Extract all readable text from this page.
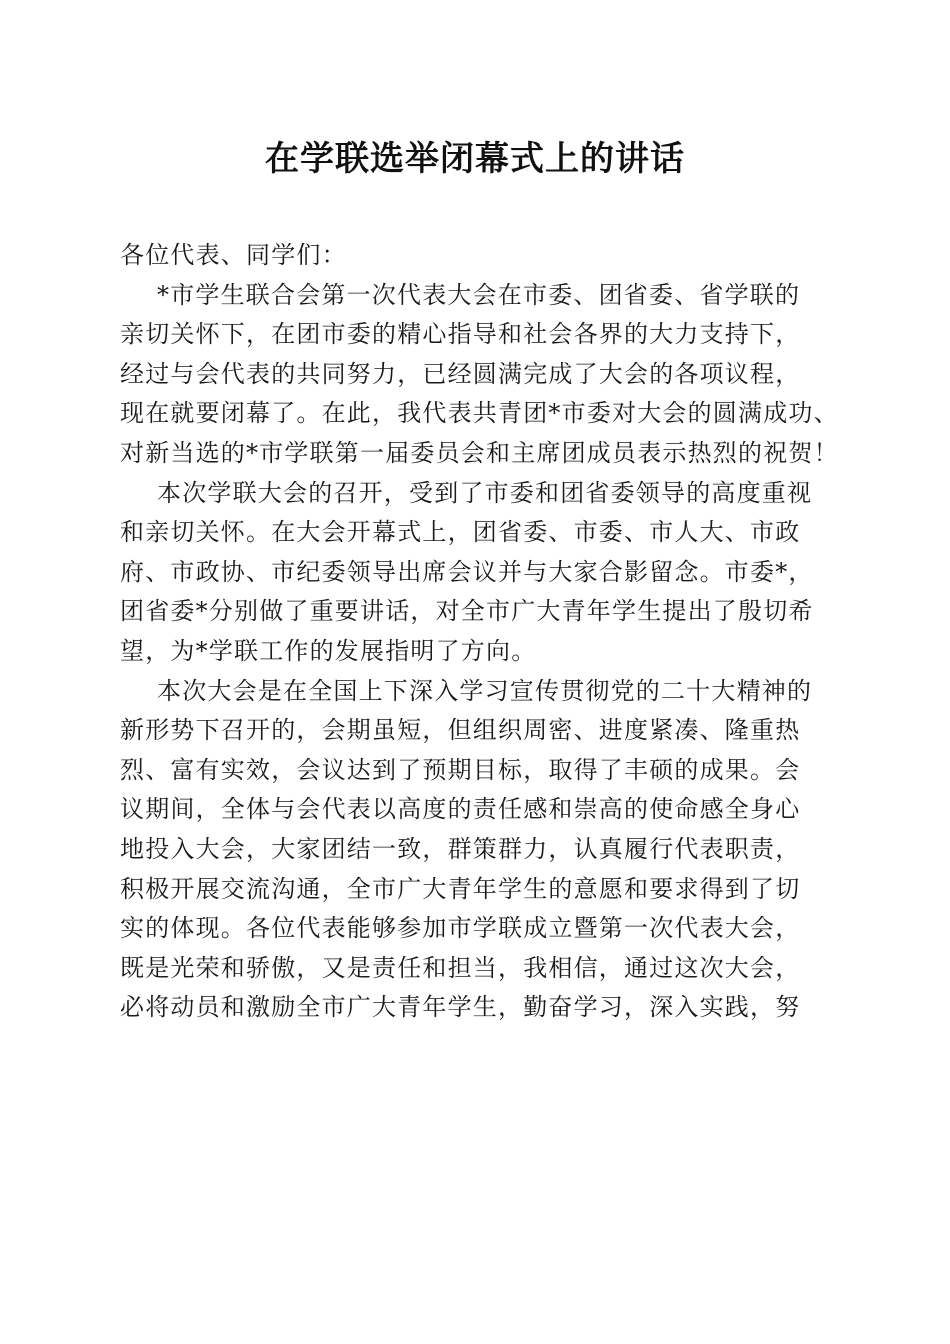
在学联选举闭幕式上的讲话
各位代表、同学们：
*市学生联合会第一次代表大会在市委、团省委、省学联的
亲切关怀下，在团市委的精心指导和社会各界的大力支持下，
经过与会代表的共同努力，已经圆满完成了大会的各项议程，
现在就要闭幕了。在此，我代表共青团*市委对大会的圆满成功、
对新当选的*市学联第一届委员会和主席团成员表示热烈的祝贺！
本次学联大会的召开，受到了市委和团省委领导的高度重视
和亲切关怀。在大会开幕式上，团省委、市委、市人大、市政
府、市政协、市纪委领导出席会议并与大家合影留念。市委*，
团省委*分别做了重要讲话，对全市广大青年学生提出了殷切希
望，为*学联工作的发展指明了方向。
本次大会是在全国上下深入学习宣传贯彻党的二十大精神的
新形势下召开的，会期虽短，但组织周密、进度紧凑、隆重热
烈、富有实效，会议达到了预期目标，取得了丰硕的成果。会
议期间，全体与会代表以高度的责任感和崇高的使命感全身心
地投入大会，大家团结一致，群策群力，认真履行代表职责，
积极开展交流沟通，全市广大青年学生的意愿和要求得到了切
实的体现。各位代表能够参加市学联成立暨第一次代表大会，
既是光荣和骄傲，又是责任和担当，我相信，通过这次大会，
必将动员和激励全市广大青年学生，勤奋学习，深入实践，努
